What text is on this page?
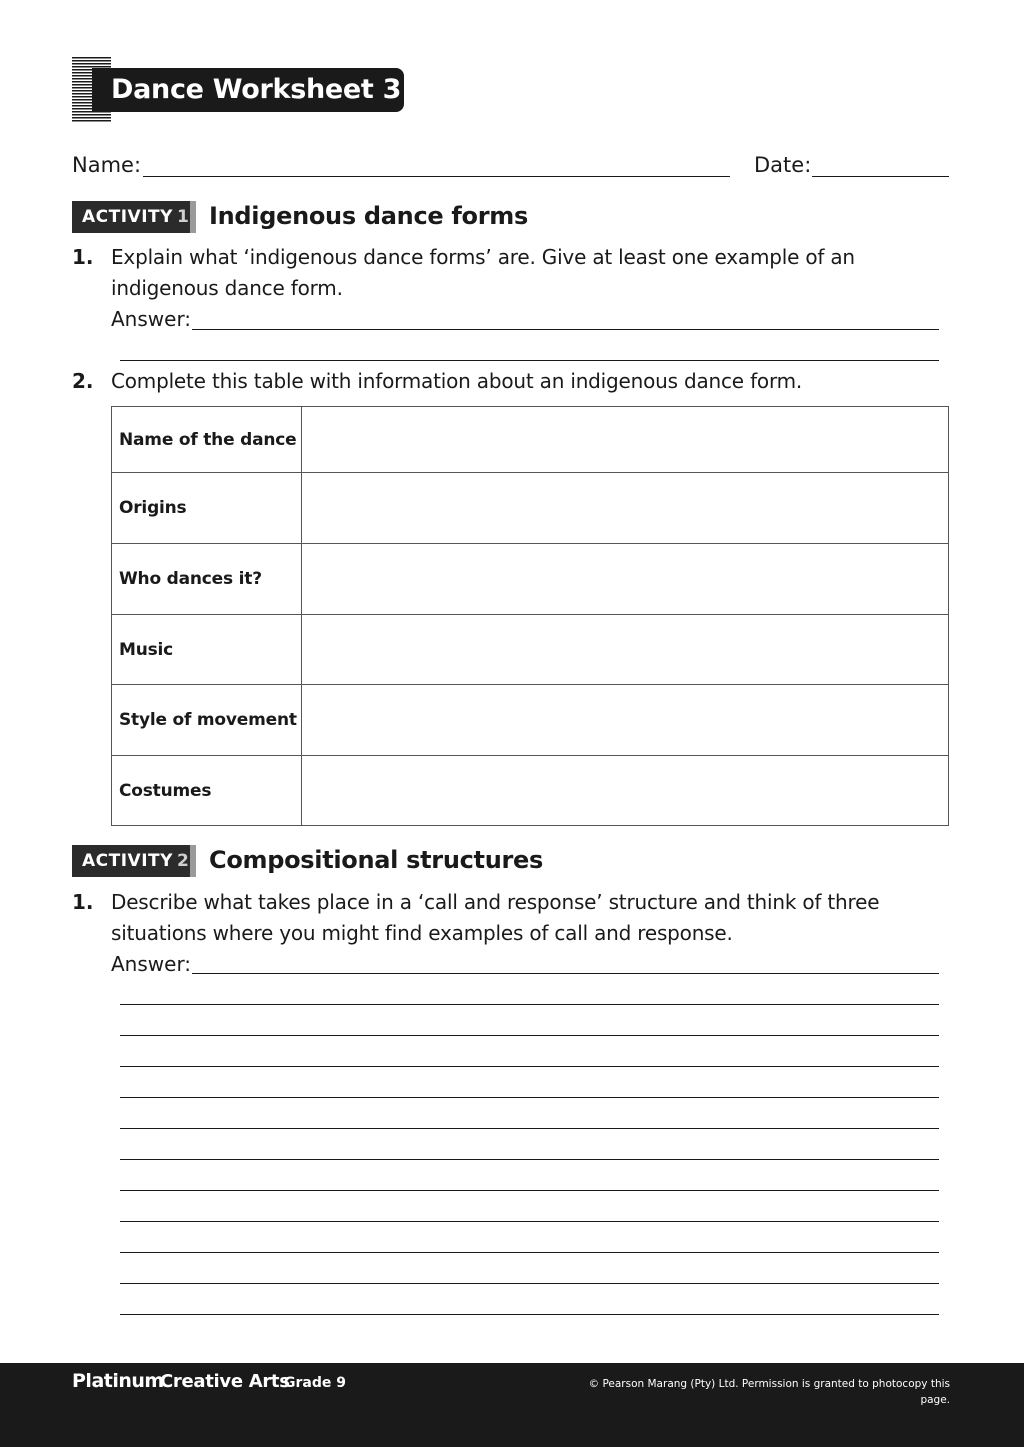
Dance Worksheet 3
Name:	Date:
ACTIVITY 1 Indigenous dance forms
1. Explain what ‘indigenous dance forms’ are. Give at least one example of an
indigenous dance form.
Answer:
2. Complete this table with information about an indigenous dance form.
Name of the dance	
Origins	
Who dances it?	
Music	
Style of movement	
Costumes	
ACTIVITY 2 Compositional structures
1. Describe what takes place in a ‘call and response’ structure and think of three
situations where you might find examples of call and response.
Answer:
Platinum
Creative Arts
Grade 9	© Pearson Marang (Pty) Ltd. Permission is granted to photocopy this page.
